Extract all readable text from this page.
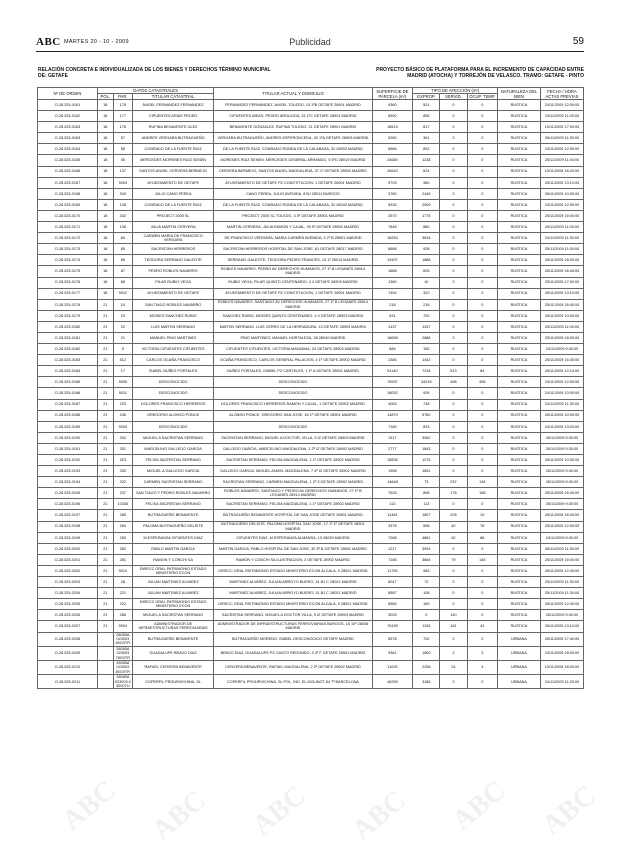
ABC MARTES 20 - 10 - 2009	Publicidad	59
RELACIÓN CONCRETA E INDIVIDUALIZADA DE LOS BIENES Y DERECHOS TÉRMINO MUNICIPAL DE: GETAFE
PROYECTO BÁSICO DE PLATAFORMA PARA EL INCREMENTO DE CAPACIDAD ENTRE MADRID (ATOCHA) Y TORREJÓN DE VELASCO. TRAMO: GETAFE - PINTO
Nº DE ORDEN	DATOS CATASTRALES			TITULAR ACTUAL Y DOMICILIO	SUPERFICIE DE PARCELA (m²)	TIPO DE AFECCIÓN (m²)			NATURALEZA DEL BIEN	FECHA / HORA ACTAS PREVIAS
	POL.	PAR.	TITULAR CATASTRAL			EXPROP.	SERVID.	OCUP. TEMP.		
O-28.325-0161	18	178	ÁNGEL FERNANDEZ FERNANDEZ	FERNANDEZ FERNANDEZ, ANGEL TOLEDO, 13 1ºB GETAFE 28901 MADRID	9360	521	0	0	RUSTICA	24/11/2009 12:00:00
O-28.325-0162	18	177	CIPUENTES ARIAS PEDRO	CIPUENTES ARIAS, PEDRO ARGUIJOA, 31 1ºC GETAFE 28901 MADRID	8590	856	0	0	RUSTICA	19/11/2009 11:00:00
O-28.325-0163	18	176	RUFINA BENAVENTE GLEZ	BENAVENTE GONZALEZ, RUFINA TOLEDO, 21 GETAFE 28901 MADRID	18519	817	0	0	RUSTICA	19/11/2009 17:00:00
O-28.325-0163	18	57	ANDRES VERGARA BUTRAGUEÑO	VERGARA BUTRAGUEÑO, ANDRES ESPERONCEDA, 40 1ºA GETAFE 28903 MADRID	5280	361	0	0	RUSTICA	26/11/2009 11:30:00
O-28.325-0164	18	58	CONRADO DE LA FUENTE RUIZ	DE LA FUENTE RUIZ, CONRADO RONDA DE LA CALABASA, 32 28903 MADRID	5586	892	0	0	RUSTICA	24/11/2009 12:00:00
O-28.325-0165	18	55	MERCEDES MORENES RUIZ SENEN	MORENES RUIZ SENEN, MERCEDES GENERAL ARRANDO, 9 4ºD 28010 MADRID	24680	1238	0	0	RUSTICA	25/11/2009 11:40:00
O-28.325-0166	18	137	SANTOS ANGEL CERVERA BERMEJO	CERVERA BERMEJO, SANTOS ANGEL MAGDALENA, 37 1º GETAFE 28902 MADRID	26640	624	0	0	RUSTICA	19/11/2009 16:20:00
O-28.325-0167	18	9003	AYUNTAMIENTO DE GETAFE	AYUNTAMIENTO DE GETAFE PZ CONSTITUCION, 1 GETAFE 28901 MADRID	9793	380	0	0	RUSTICA	25/11/2009 13:10:00
O-28.325-0168	18	340	JULIO CANO PEREA	CANO PEREA, JULIO AVENIDA, 8 BJ 28011 BURGOS	3760	2445	0	0	RUSTICA	26/11/2009 10:30:00
O-28.325-0169	18	138	CONRADO DE LA FUENTE RUIZ	DE LA FUENTE RUIZ, CONRADO RONDA DE LA CALABASA, 32 28040 MADRID	8335	2509	0	0	RUSTICA	24/11/2009 12:00:00
O-28.325-0170	18	342	PROJECT 2005 SL	PROJECT 2005 SL TOLEDO, 3 3º GETAFE 28901 MADRID	2570	1775	0	0	RUSTICA	25/11/2009 16:00:00
O-28.325-0171	18	136	JULIA MARTIN CERVERA	MARTIN CERVERA, JULIA RAMON Y CAJAL, 39 5º GETAFE 28902 MADRID	7848	880	0	0	RUSTICA	25/11/2009 11:00:00
O-28.325-0172	18	84	CARMEN MARIA DE FRANCISCO VERGARA	DE FRANCISCO VERGARA, MARIA CARMEN AVENIDA, 3 2º B 28901 MADRID	18253	3818	0	0	RUSTICA	24/11/2009 11:30:00
O-28.325-0173	18	85	SACRISTAN HERREROS	SACRISTAN HERREROS HOSPITAL DE SAN JOSE, 61 GETAFE 28017 MADRID	6888	928	0	0	RUSTICA	25/11/2009 11:00:00
O-28.325-0174	18	86	TEODORA SERRANO GALEOTE	SERRANO GALEOTE, TEODORA PEDRO FRANCÉS, 14 1º 28014 MADRID	19497	1888	0	0	RUSTICA	26/11/2009 16:00:00
O-28.325-0175	18	87	PEDRO ROBLES NAVARRO	ROBLES NAVARRO, PEDRO AV DERECHOS HUMANOS, 27 1º B LEGANÉS 28914 MADRID	1688	605	0	0	RUSTICA	26/11/2009 16:40:00
O-28.325-0176	18	88	PILAR RUBIO VEGA	RUBIO VEGA, PILAR QUINTO CENTENARIO, 4 4 GETAFE 28903 MADRID	1380	10	0	0	RUSTICA	25/11/2009 17:00:00
O-28.325-0177	18	9012	AYUNTAMIENTO DE GETAFE	AYUNTAMIENTO DE GETAFE PZ CONSTITUCION, 1 GETAFE 28901 MADRID	7454	320	0	0	RUSTICA	26/11/2009 13:10:00
O-28.325-0178	21	24	SAN TIAGO ROBLES NAVARRO	ROBLES NAVARRO, SANTIAGO AV DERECHOS HUMANOS, 27 1º B LEGANÉS 28914 MADRID	218	218	0	0	RUSTICA	25/11/2009 16:40:00
O-28.325-0179	21	23	MOISES SANCHEZ RUBIO	SANCHEZ RUBIO, MOISES QUINTO CENTENARIO, 4 4 GETAFE 28903 MADRID	831	792	0	0	RUSTICA	26/11/2009 10:00:00
O-28.325-0180	21	22	LUIS MARTIN SERRANO	MARTIN SERRANO, LUIS CERRO DE LA HERRADURA, 13 GETAFE 28903 MADRID	1437	1437	0	0	RUSTICA	25/11/2009 11:00:00
O-28.325-0181	21	21	MANUEL PINO MARTINEZ	PINO MARTINEZ, MANUEL HORTALEZA, 28 28040 MADRID	18658	2888	0	0	RUSTICA	25/11/2009 16:00:00
O-28.325-0182	21	5	VICTORIA CIFUENTES CIFUENTES	CIFUENTES CIFUENTES, VICTORIA MANZANA, 24 GETAFE 28903 MADRID	884	155	0	0	RUSTICA	24/11/2009 9:30:00
O-28.325-0183	21	512	CARLOS OCAÑA FRANCISCO	OCAÑA FRANCISCO, CARLOS GENERAL PALACIOS, 4 1º GETAFE 28902 MADRID	2385	1442	0	0	RUSTICA	25/11/2009 16:30:00
O-28.325-0184	21	17	ISABEL NUÑEZ PORTALES	NUÑEZ PORTALES, ISABEL PZ CARTELES, 1 1º A GETAFE 28901 MADRID	51140	7234	513	84	RUSTICA	25/11/2009 12:10:00
O-28.325-0185	21	9005	DESCONOCIDO	DESCONOCIDO	76937	34215	496	498	RUSTICA	24/11/2009 12:00:00
O-28.325-0186	21	9011	DESCONOCIDO	DESCONOCIDO	18052	926	0	0	RUSTICA	24/11/2009 13:00:00
O-28.325-0187	21	223	DOLORES FRANCISCO HERREROS	DOLORES FRANCISCO HERREROS RAMON Y CAJAL, 1 GETAFE 28902 MADRID	4083	748	0	0	RUSTICA	24/11/2009 11:30:00
O-28.325-0188	21	236	GREGORIO ALONSO PONCE	ALONSO PONCE, GREGORIO SAN JOSE, 16 1º GETAFE 28901 MADRID	14879	5760	0	0	RUSTICA	26/11/2009 10:00:00
O-28.325-0189	21	9003	DESCONOCIDO	DESCONOCIDO	7180	833	0	0	RUSTICA	24/11/2009 13:20:00
O-28.325-0190	21	332	MIGUEL A SACRISTAN SERRANO	SACRISTAN SERRANO, MIGUEL A DOCTOR, VILLA, 9 IZ GETAFE 28903 MADRID	3117	3062	0	0	RUSTICA	26/11/2009 9:30:00
O-28.325-0191	21	331	MARCELINO GALLEGO GARCIA	GALLEGO GARCIA, MARCELINO MAGDALENA, 1 2º IZ GETAFE 28902 MADRID	2777	1843	0	0	RUSTICA	26/11/2009 9:30:00
O-28.325-0192	21	323	FELISA SACRISTAN SERRANO	SACRISTAN SERRANO, FELISA MAGDALENA, 1 1º GETAFE 28902 MADRID	15836	1275	0	0	RUSTICA	26/11/2009 10:30:00
O-28.325-0193	21	330	MIGUEL A GALLEGO GARCIA	GALLEGO GARCIA, MIGUEL ANGEL MAGDALENA, 7 4º IZ GETAFE 28902 MADRID	1958	1851	0	0	RUSTICA	26/11/2009 9:30:00
O-28.325-0194	21	322	CARMEN SACRISTAN SERRANO	SACRISTAN SERRANO, CARMEN MAGDALENA, 1 2º 3 GETAFE 28902 MADRID	14648	73	237	134	RUSTICA	26/11/2009 9:30:00
O-28.325-0195	21	237	SAN TIAGO Y PEDRO ROBLES NAVARRO	ROBLES NAVARRO, SANTIAGO Y PEDRO AV DERECHOS HUMANOS, 27 1º B LEGANÉS 28914 MADRID	7528	898	178	158	RUSTICA	25/11/2009 16:40:00
O-28.325-0196	21	10336	FELISA SACRISTAN SERRANO	SACRISTAN SERRANO, FELISA MAGDALENA, 1 1º GETAFE 28902 MADRID	113	113	0	0	RUSTICA	26/11/2009 9:30:00
O-28.325-0197	21	285	BUTRAGUEÑO BENAVENTE	BUTRAGUEÑO BENAVENTE HOSPITAL DE SAN JOSE GETAFE 28901 MADRID	11461	1807	205	10	RUSTICA	25/11/2009 16:40:00
O-28.325-0198	21	284	PALOMA BUTRAGUEÑO DELSITE	BUTRAGUEÑO DELSITE, PALOMA HOSPITAL SAN JOSE, 17 1º 1º GETAFE 28901 MADRID	3378	598	40	78	RUSTICA	25/11/2009 12:00:00
O-28.325-0199	21	283	M ESPERANZA CIFUENTES DIAZ	CIFUENTES DIAZ, M ESPERANZA ALMANSA, 10 28039 MADRID	7288	4861	52	88	RUSTICA	24/11/2009 9:30:00
O-28.325-0200	21	282	PABLO MARTIN GARCIA	MARTIN GARCIA, PABLO HOSPITAL DE SAN JOSE, 30 3º B GETAFE 28901 MADRID	1217	3904	0	0	RUSTICA	26/11/2009 11:30:00
O-28.325-0201	21	281	RAMON Y CONCHI SA	RAMON Y CONCHI SA ILUSTRACION, 3 GETAFE 28902 MADRID	7185	3664	79	145	RUSTICA	25/11/2009 16:00:00
O-28.325-0202	21	9013	DIRECC GRAL PATRIMONIO ESTADO MINISTERIO ECON	DIRECC GRAL PATRIMONIO ESTADO MINISTERIO ECON ALCALA, 9 28001 MADRID	11753	983	0	0	RUSTICA	26/11/2009 12:40:00
O-28.325-0203	21	28	JULIAN MARTINEZ ALVAREZ	MARTINEZ ALVAREZ, JULIAN ARROYO BUERO, 31 BJ C 28021 MADRID	8047	72	0	0	RUSTICA	25/11/2009 11:30:00
O-28.325-0204	21	221	JULIAN MARTINEZ ALVAREZ	MARTINEZ ALVAREZ, JULIAN ARROYO BUERO, 31 BJ C 28021 MADRID	8587	108	0	0	RUSTICA	25/11/2009 11:30:00
O-28.325-0205	21	222	DIRECC GRAL PATRIMONIO ESTADO MINISTERIO ECON	DIRECC GRAL PATRIMONIO ESTADO MINISTERIO ECON ALCALA, 9 28001 MADRID	8585	169	0	0	RUSTICA	26/11/2009 12:40:00
O-28.325-0206	21	286	MIGUEL A SACRISTAN SERRANO	SACRISTAN SERRANO, MIGUEL A DOCTOR VILLA, 9 IZ GETAFE 28903 MADRID	3025	0	140	0	RUSTICA	26/11/2009 9:30:00
O-28.325-0207	21	9004	ADMINISTRADOR DE INFRAESTRUCTURAS FERROVIARIAS	ADMINISTRADOR DE INFRAESTRUCTURAS FERROVIARIAS BURGOS, 16 10º 28036 MADRID	76159	1153	161	42	RUSTICA	26/11/2009 13:10:00
O-28.325-0208		28065A 023003 60G0TR	BUTRAGUEÑO BENAVENTE	BUTRAGUEÑO MORENO, ISABEL DESCONOCIDO GETAFE MADRID	8978	702	0	0	URBANA	26/11/2009 17:40:00
O-28.325-0209		28065A 023003 78G0TR	GUADALUPE BRAVO DIAZ	BRAVO DIAZ, GUADALUPE PZ CANTO REDONDO, 3 3º F GETAFE 28901 MADRID	9381	1800	2	3	URBANA	24/11/2009 16:00:00
O-28.325-0210		28065A 023003 80G0TR	RAFAEL CERVERA BENAVENTE	CERVERA BENAVENTE, RAFAEL MAGDALENA, 2 2º GETAFE 28902 MADRID	11003	2258	24	4	URBANA	19/11/2009 16:00:00
O-28.325-0211		28065A 023003 4 3000TU	COPERFIL PROURVICHINA, SL	COPERFIL PROURVICHINA, SL POL. IND. EL MOLINOT 84 7º BARCELONA	46259	3186	0	0	URBANA	24/11/2009 11:20:00
ABC ABC ABC ABC ABC ABC
